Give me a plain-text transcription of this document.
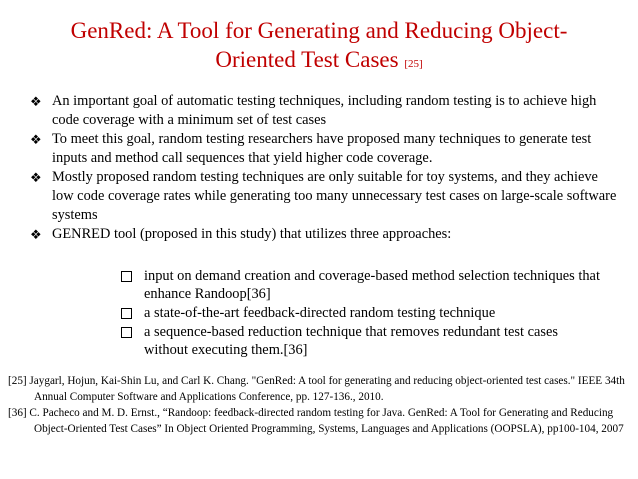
GenRed: A Tool for Generating and Reducing Object-
Oriented Test Cases [25]
❖ An important goal of automatic testing techniques, including random testing is to achieve high code coverage with a minimum set of test cases
❖ To meet this goal, random testing researchers have proposed many techniques to generate test inputs and method call sequences that yield higher code coverage.
❖ Mostly proposed random testing techniques are only suitable for toy systems, and they achieve low code coverage rates while generating too many unnecessary test cases on large-scale software systems
❖ GENRED tool (proposed in this study) that utilizes three approaches:
input on demand creation and coverage-based method selection techniques that enhance Randoop[36]
a state-of-the-art feedback-directed random testing technique
a sequence-based reduction technique that removes redundant test cases without executing them.[36]
[25] Jaygarl, Hojun, Kai-Shin Lu, and Carl K. Chang. "GenRed: A tool for generating and reducing object-oriented test cases." IEEE 34th Annual Computer Software and Applications Conference, pp. 127-136., 2010.
[36] C. Pacheco and M. D. Ernst., “Randoop: feedback-directed random testing for Java. GenRed: A Tool for Generating and Reducing Object-Oriented Test Cases” In Object Oriented Programming, Systems, Languages and Applications (OOPSLA), pp100-104, 2007
